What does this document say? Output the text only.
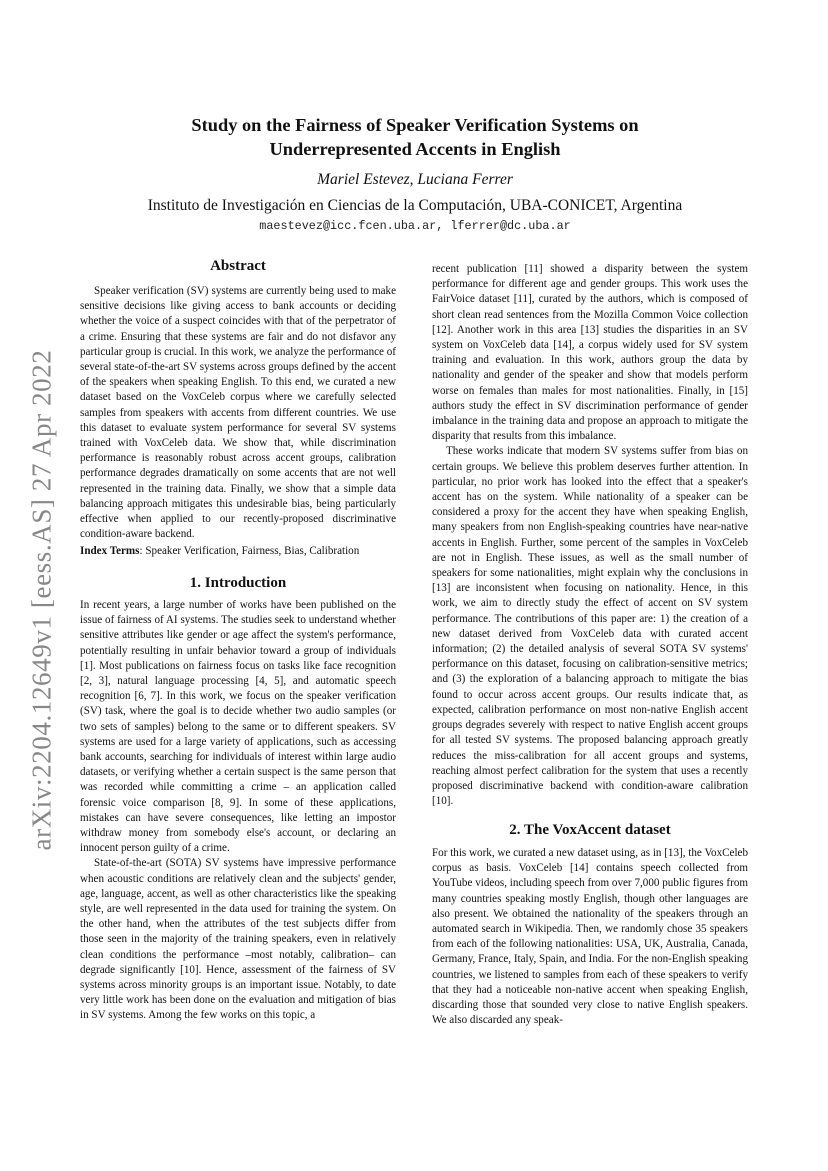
arXiv:2204.12649v1 [eess.AS] 27 Apr 2022
Study on the Fairness of Speaker Verification Systems on
Underrepresented Accents in English
Mariel Estevez, Luciana Ferrer
Instituto de Investigación en Ciencias de la Computación, UBA-CONICET, Argentina
maestevez@icc.fcen.uba.ar, lferrer@dc.uba.ar
Abstract

Speaker verification (SV) systems are currently being used to make sensitive decisions like giving access to bank accounts or deciding whether the voice of a suspect coincides with that of the perpetrator of a crime. Ensuring that these systems are fair and do not disfavor any particular group is crucial. In this work, we analyze the performance of several state-of-the-art SV systems across groups defined by the accent of the speakers when speaking English. To this end, we curated a new dataset based on the VoxCeleb corpus where we carefully selected samples from speakers with accents from different countries. We use this dataset to evaluate system performance for several SV systems trained with VoxCeleb data. We show that, while discrimination performance is reasonably robust across accent groups, calibration performance degrades dramatically on some accents that are not well represented in the training data. Finally, we show that a simple data balancing approach mitigates this undesirable bias, being particularly effective when applied to our recently-proposed discriminative condition-aware backend.

Index Terms: Speaker Verification, Fairness, Bias, Calibration

1. Introduction

In recent years, a large number of works have been published on the issue of fairness of AI systems. The studies seek to understand whether sensitive attributes like gender or age affect the system's performance, potentially resulting in unfair behavior toward a group of individuals [1]. Most publications on fairness focus on tasks like face recognition [2, 3], natural language processing [4, 5], and automatic speech recognition [6, 7]. In this work, we focus on the speaker verification (SV) task, where the goal is to decide whether two audio samples (or two sets of samples) belong to the same or to different speakers. SV systems are used for a large variety of applications, such as accessing bank accounts, searching for individuals of interest within large audio datasets, or verifying whether a certain suspect is the same person that was recorded while committing a crime – an application called forensic voice comparison [8, 9]. In some of these applications, mistakes can have severe consequences, like letting an impostor withdraw money from somebody else's account, or declaring an innocent person guilty of a crime.

State-of-the-art (SOTA) SV systems have impressive performance when acoustic conditions are relatively clean and the subjects' gender, age, language, accent, as well as other characteristics like the speaking style, are well represented in the data used for training the system. On the other hand, when the attributes of the test subjects differ from those seen in the majority of the training speakers, even in relatively clean conditions the performance –most notably, calibration– can degrade significantly [10]. Hence, assessment of the fairness of SV systems across minority groups is an important issue. Notably, to date very little work has been done on the evaluation and mitigation of bias in SV systems. Among the few works on this topic, a

recent publication [11] showed a disparity between the system performance for different age and gender groups. This work uses the FairVoice dataset [11], curated by the authors, which is composed of short clean read sentences from the Mozilla Common Voice collection [12]. Another work in this area [13] studies the disparities in an SV system on VoxCeleb data [14], a corpus widely used for SV system training and evaluation. In this work, authors group the data by nationality and gender of the speaker and show that models perform worse on females than males for most nationalities. Finally, in [15] authors study the effect in SV discrimination performance of gender imbalance in the training data and propose an approach to mitigate the disparity that results from this imbalance.

These works indicate that modern SV systems suffer from bias on certain groups. We believe this problem deserves further attention. In particular, no prior work has looked into the effect that a speaker's accent has on the system. While nationality of a speaker can be considered a proxy for the accent they have when speaking English, many speakers from non English-speaking countries have near-native accents in English. Further, some percent of the samples in VoxCeleb are not in English. These issues, as well as the small number of speakers for some nationalities, might explain why the conclusions in [13] are inconsistent when focusing on nationality. Hence, in this work, we aim to directly study the effect of accent on SV system performance. The contributions of this paper are: 1) the creation of a new dataset derived from VoxCeleb data with curated accent information; (2) the detailed analysis of several SOTA SV systems' performance on this dataset, focusing on calibration-sensitive metrics; and (3) the exploration of a balancing approach to mitigate the bias found to occur across accent groups. Our results indicate that, as expected, calibration performance on most non-native English accent groups degrades severely with respect to native English accent groups for all tested SV systems. The proposed balancing approach greatly reduces the miss-calibration for all accent groups and systems, reaching almost perfect calibration for the system that uses a recently proposed discriminative backend with condition-aware calibration [10].

2. The VoxAccent dataset

For this work, we curated a new dataset using, as in [13], the VoxCeleb corpus as basis. VoxCeleb [14] contains speech collected from YouTube videos, including speech from over 7,000 public figures from many countries speaking mostly English, though other languages are also present. We obtained the nationality of the speakers through an automated search in Wikipedia. Then, we randomly chose 35 speakers from each of the following nationalities: USA, UK, Australia, Canada, Germany, France, Italy, Spain, and India. For the non-English speaking countries, we listened to samples from each of these speakers to verify that they had a noticeable non-native accent when speaking English, discarding those that sounded very close to native English speakers. We also discarded any speak-
